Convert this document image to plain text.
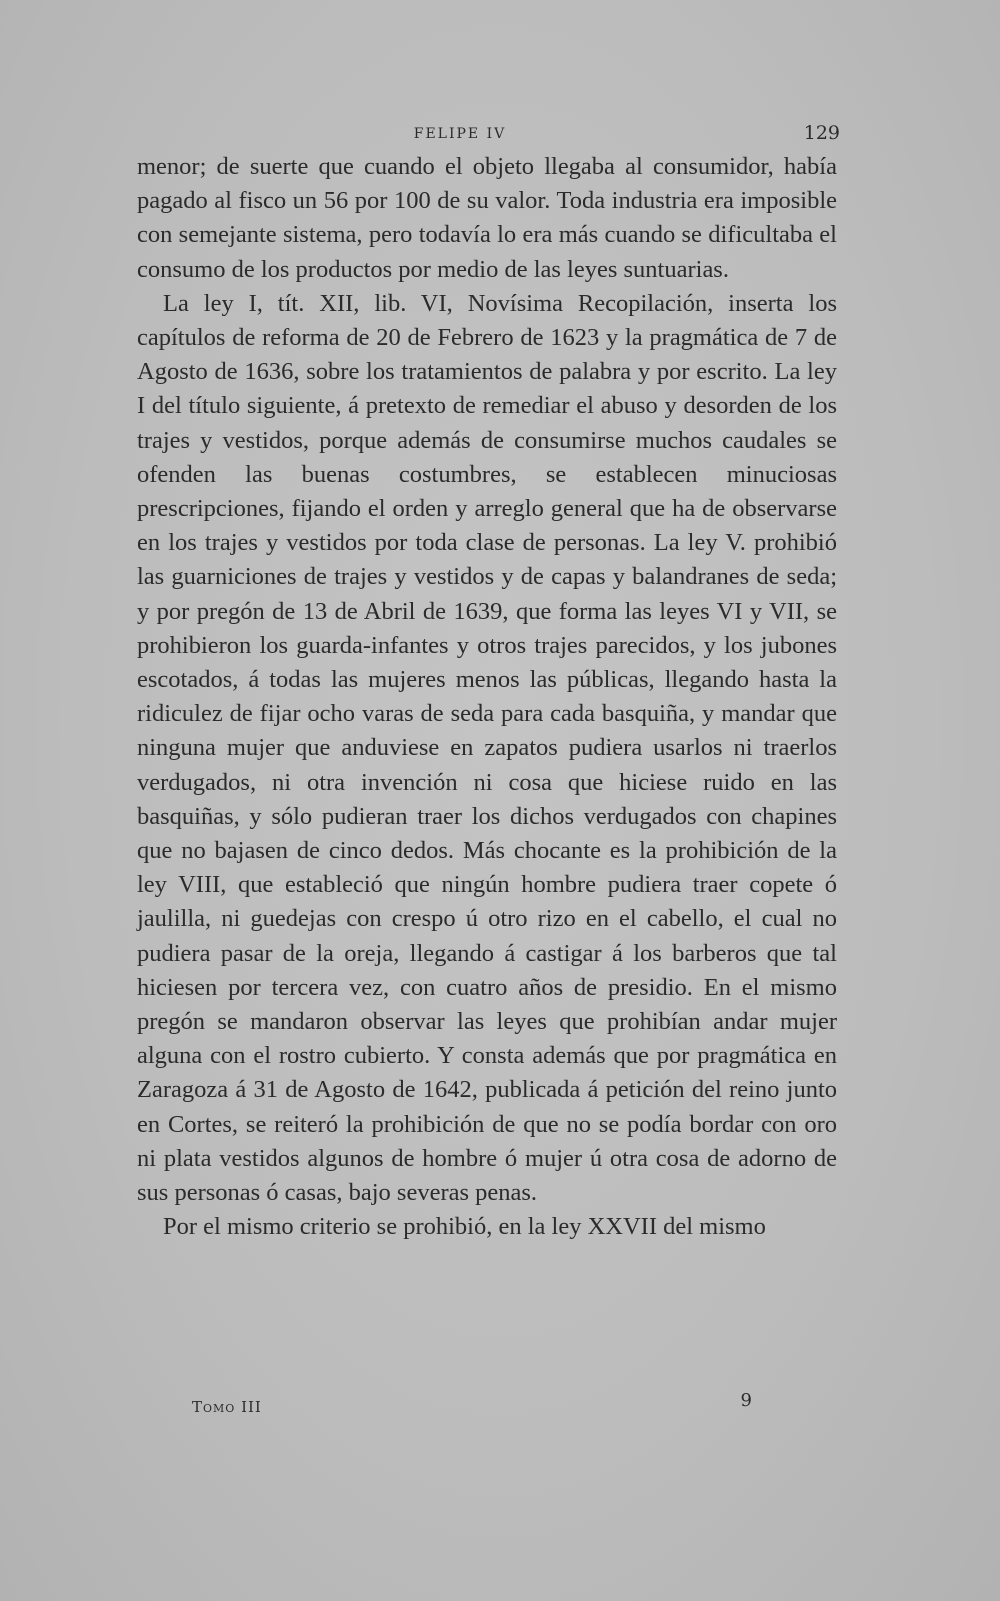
FELIPE IV	129

menor; de suerte que cuando el objeto llegaba al consumidor, había pagado al fisco un 56 por 100 de su valor. Toda industria era imposible con semejante sistema, pero todavía lo era más cuando se dificultaba el consumo de los productos por medio de las leyes suntuarias.

La ley I, tít. XII, lib. VI, Novísima Recopilación, inserta los capítulos de reforma de 20 de Febrero de 1623 y la pragmática de 7 de Agosto de 1636, sobre los tratamientos de palabra y por escrito. La ley I del título siguiente, á pretexto de remediar el abuso y desorden de los trajes y vestidos, porque además de consumirse muchos caudales se ofenden las buenas costumbres, se establecen minuciosas prescripciones, fijando el orden y arreglo general que ha de observarse en los trajes y vestidos por toda clase de personas. La ley V. prohibió las guarniciones de trajes y vestidos y de capas y balandranes de seda; y por pregón de 13 de Abril de 1639, que forma las leyes VI y VII, se prohibieron los guarda-infantes y otros trajes parecidos, y los jubones escotados, á todas las mujeres menos las públicas, llegando hasta la ridiculez de fijar ocho varas de seda para cada basquiña, y mandar que ninguna mujer que anduviese en zapatos pudiera usarlos ni traerlos verdugados, ni otra invención ni cosa que hiciese ruido en las basquiñas, y sólo pudieran traer los dichos verdugados con chapines que no bajasen de cinco dedos. Más chocante es la prohibición de la ley VIII, que estableció que ningún hombre pudiera traer copete ó jaulilla, ni guedejas con crespo ú otro rizo en el cabello, el cual no pudiera pasar de la oreja, llegando á castigar á los barberos que tal hiciesen por tercera vez, con cuatro años de presidio. En el mismo pregón se mandaron observar las leyes que prohibían andar mujer alguna con el rostro cubierto. Y consta además que por pragmática en Zaragoza á 31 de Agosto de 1642, publicada á petición del reino junto en Cortes, se reiteró la prohibición de que no se podía bordar con oro ni plata vestidos algunos de hombre ó mujer ú otra cosa de adorno de sus personas ó casas, bajo severas penas.

Por el mismo criterio se prohibió, en la ley XXVII del mismo

Tomo III	9
